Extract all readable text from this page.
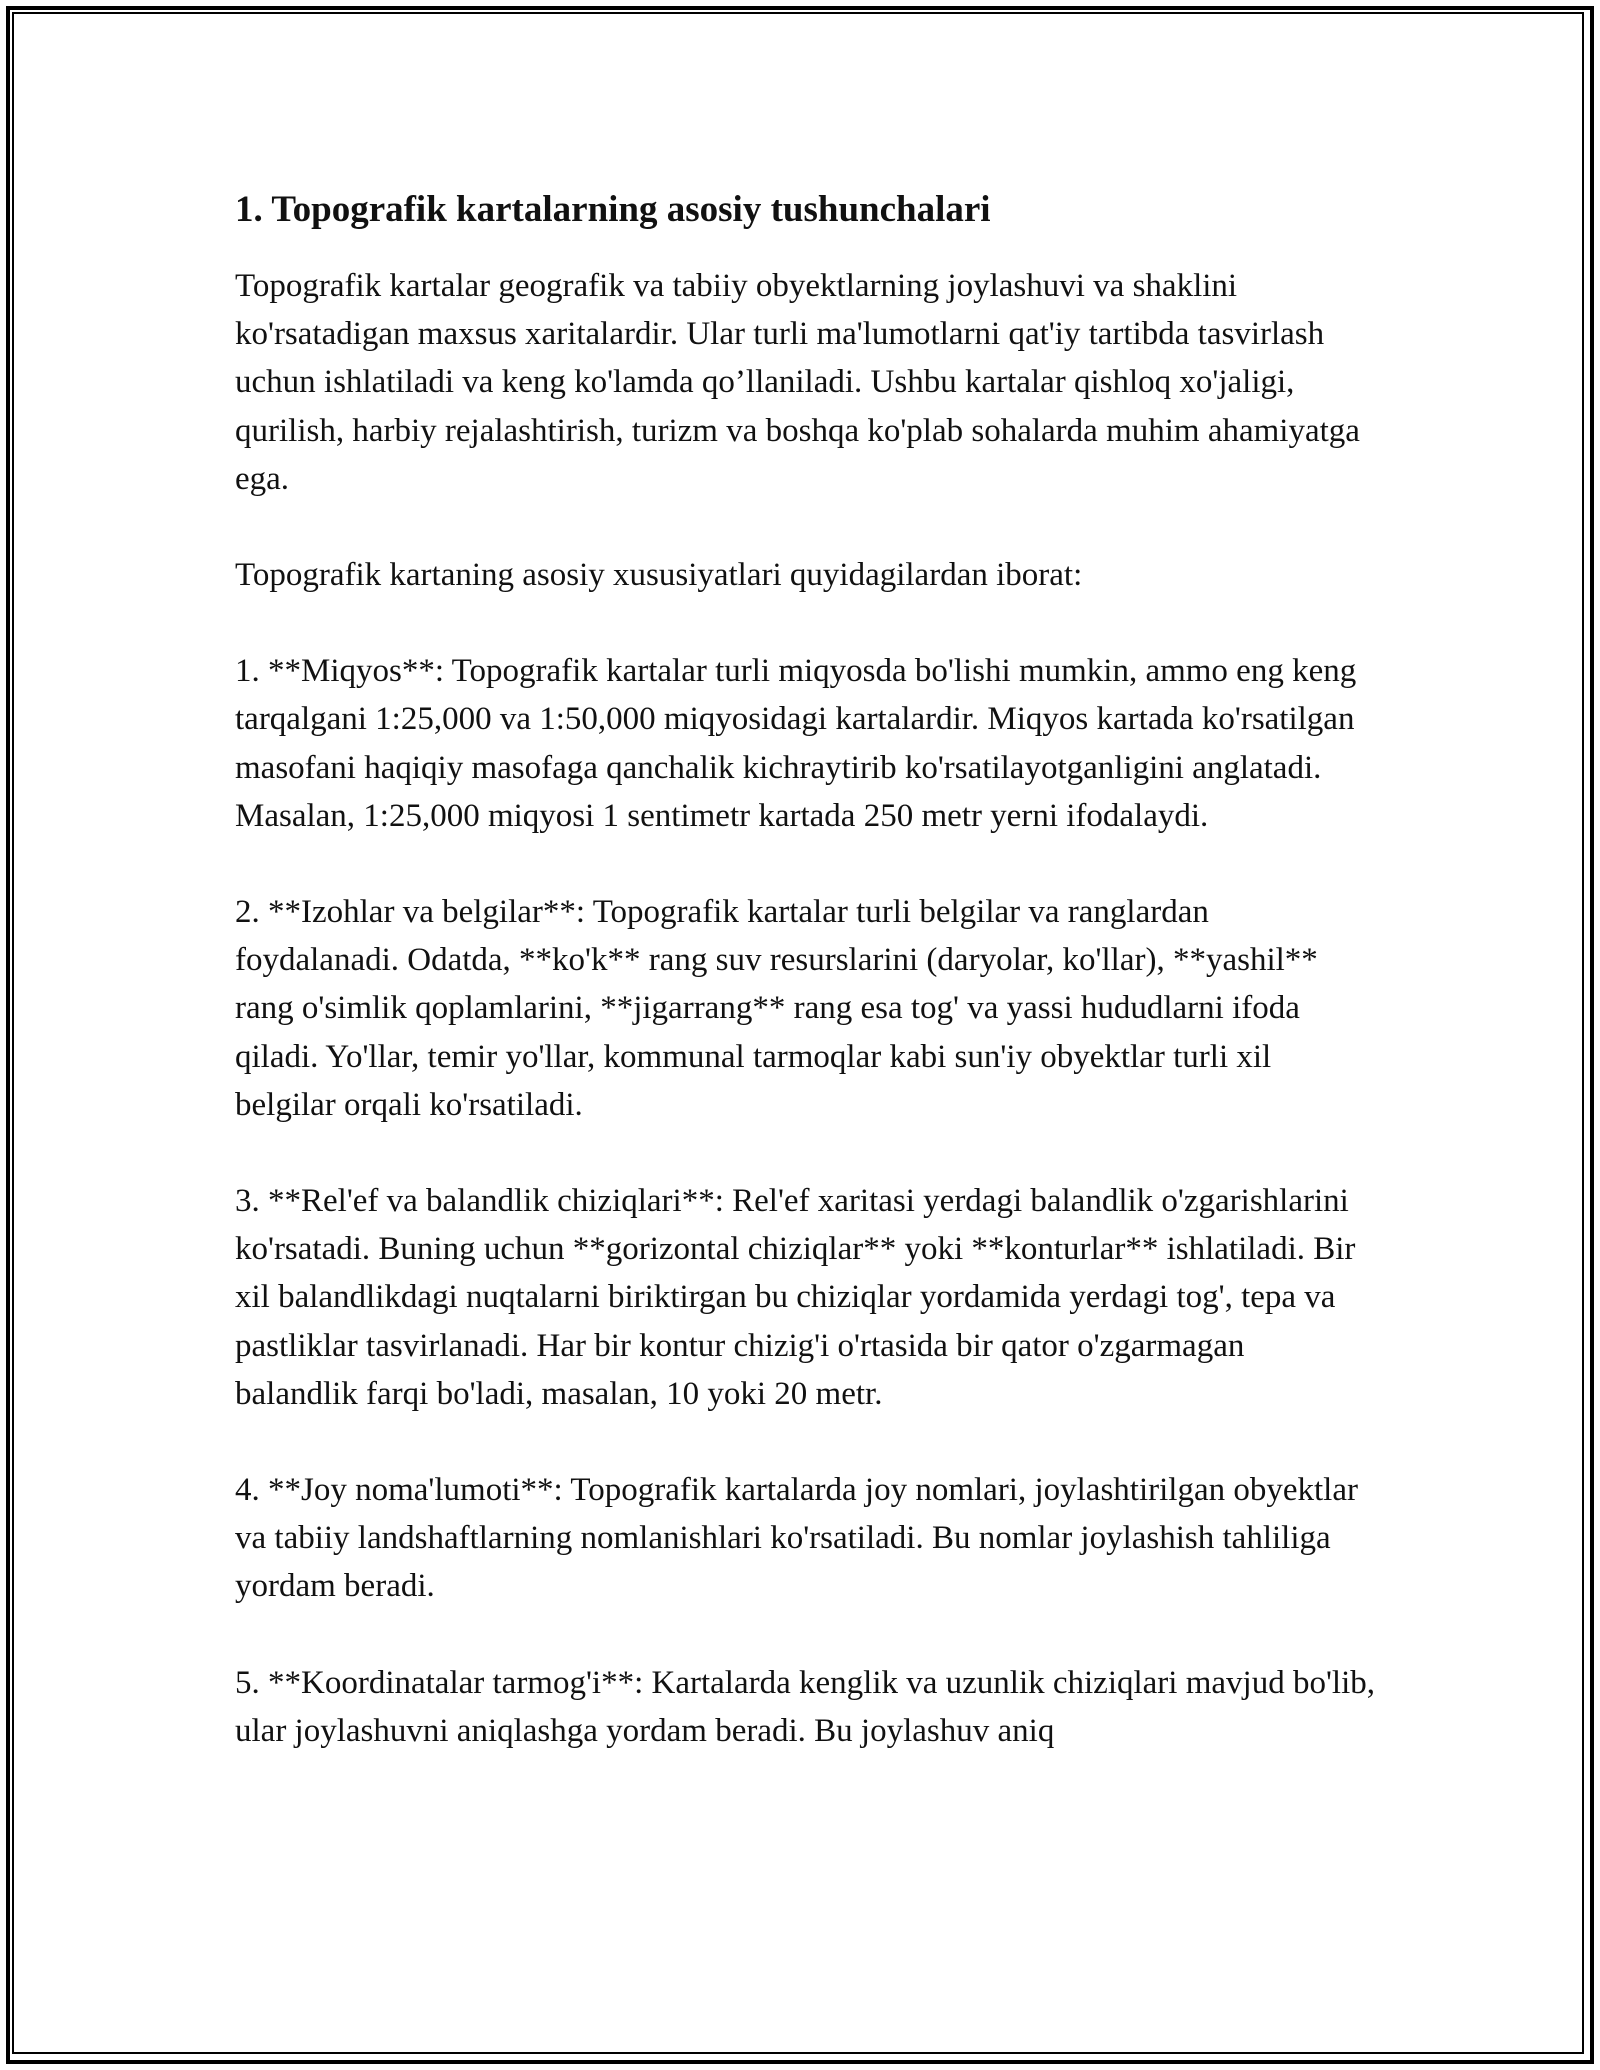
1. Topografik kartalarning asosiy tushunchalari

Topografik kartalar geografik va tabiiy obyektlarning joylashuvi va shaklini ko'rsatadigan maxsus xaritalardir. Ular turli ma'lumotlarni qat'iy tartibda tasvirlash uchun ishlatiladi va keng ko'lamda qo’llaniladi. Ushbu kartalar qishloq xo'jaligi, qurilish, harbiy rejalashtirish, turizm va boshqa ko'plab sohalarda muhim ahamiyatga ega.

Topografik kartaning asosiy xususiyatlari quyidagilardan iborat:

1. **Miqyos**: Topografik kartalar turli miqyosda bo'lishi mumkin, ammo eng keng tarqalgani 1:25,000 va 1:50,000 miqyosidagi kartalardir. Miqyos kartada ko'rsatilgan masofani haqiqiy masofaga qanchalik kichraytirib ko'rsatilayotganligini anglatadi. Masalan, 1:25,000 miqyosi 1 sentimetr kartada 250 metr yerni ifodalaydi.

2. **Izohlar va belgilar**: Topografik kartalar turli belgilar va ranglardan foydalanadi. Odatda, **ko'k** rang suv resurslarini (daryolar, ko'llar), **yashil** rang o'simlik qoplamlarini, **jigarrang** rang esa tog' va yassi hududlarni ifoda qiladi. Yo'llar, temir yo'llar, kommunal tarmoqlar kabi sun'iy obyektlar turli xil belgilar orqali ko'rsatiladi.

3. **Rel'ef va balandlik chiziqlari**: Rel'ef xaritasi yerdagi balandlik o'zgarishlarini ko'rsatadi. Buning uchun **gorizontal chiziqlar** yoki **konturlar** ishlatiladi. Bir xil balandlikdagi nuqtalarni biriktirgan bu chiziqlar yordamida yerdagi tog', tepa va pastliklar tasvirlanadi. Har bir kontur chizig'i o'rtasida bir qator o'zgarmagan balandlik farqi bo'ladi, masalan, 10 yoki 20 metr.

4. **Joy noma'lumoti**: Topografik kartalarda joy nomlari, joylashtirilgan obyektlar va tabiiy landshaftlarning nomlanishlari ko'rsatiladi. Bu nomlar joylashish tahliliga yordam beradi.

5. **Koordinatalar tarmog'i**: Kartalarda kenglik va uzunlik chiziqlari mavjud bo'lib, ular joylashuvni aniqlashga yordam beradi. Bu joylashuv aniq
